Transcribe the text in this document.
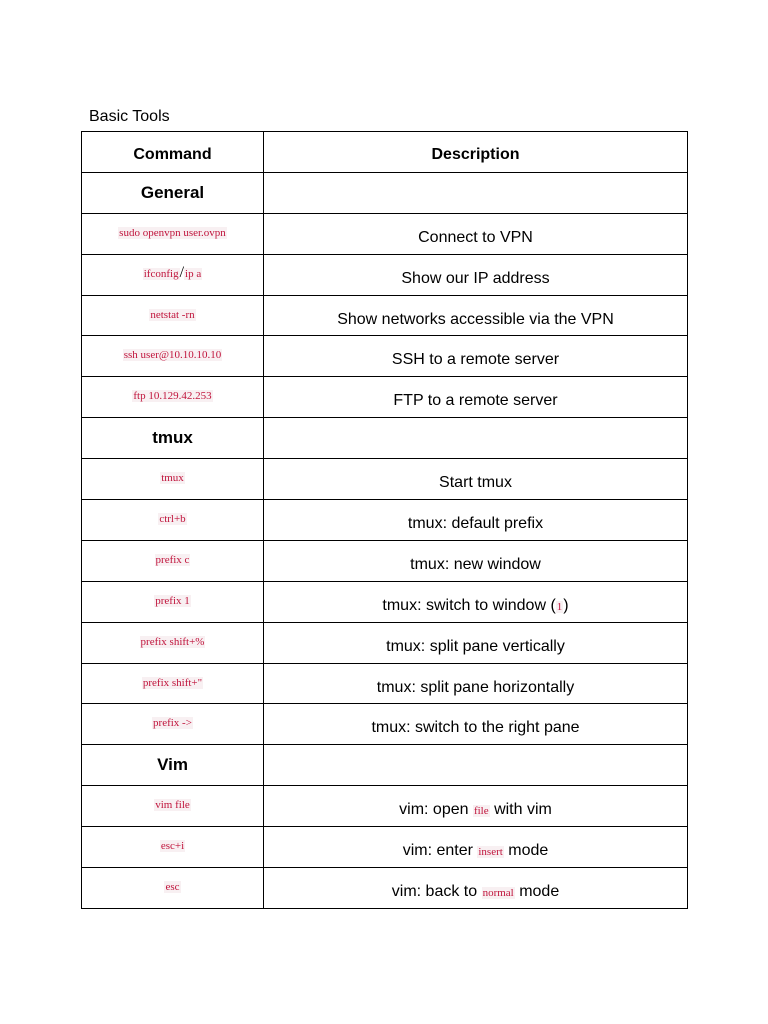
Basic Tools
Command	Description
General	
sudo openvpn user.ovpn	Connect to VPN
ifconfig/ip a	Show our IP address
netstat -rn	Show networks accessible via the VPN
ssh user@10.10.10.10	SSH to a remote server
ftp 10.129.42.253	FTP to a remote server
tmux	
tmux	Start tmux
ctrl+b	tmux: default prefix
prefix c	tmux: new window
prefix 1	tmux: switch to window (1)
prefix shift+%	tmux: split pane vertically
prefix shift+"	tmux: split pane horizontally
prefix ->	tmux: switch to the right pane
Vim	
vim file	vim: open file with vim
esc+i	vim: enter insert mode
esc	vim: back to normal mode
